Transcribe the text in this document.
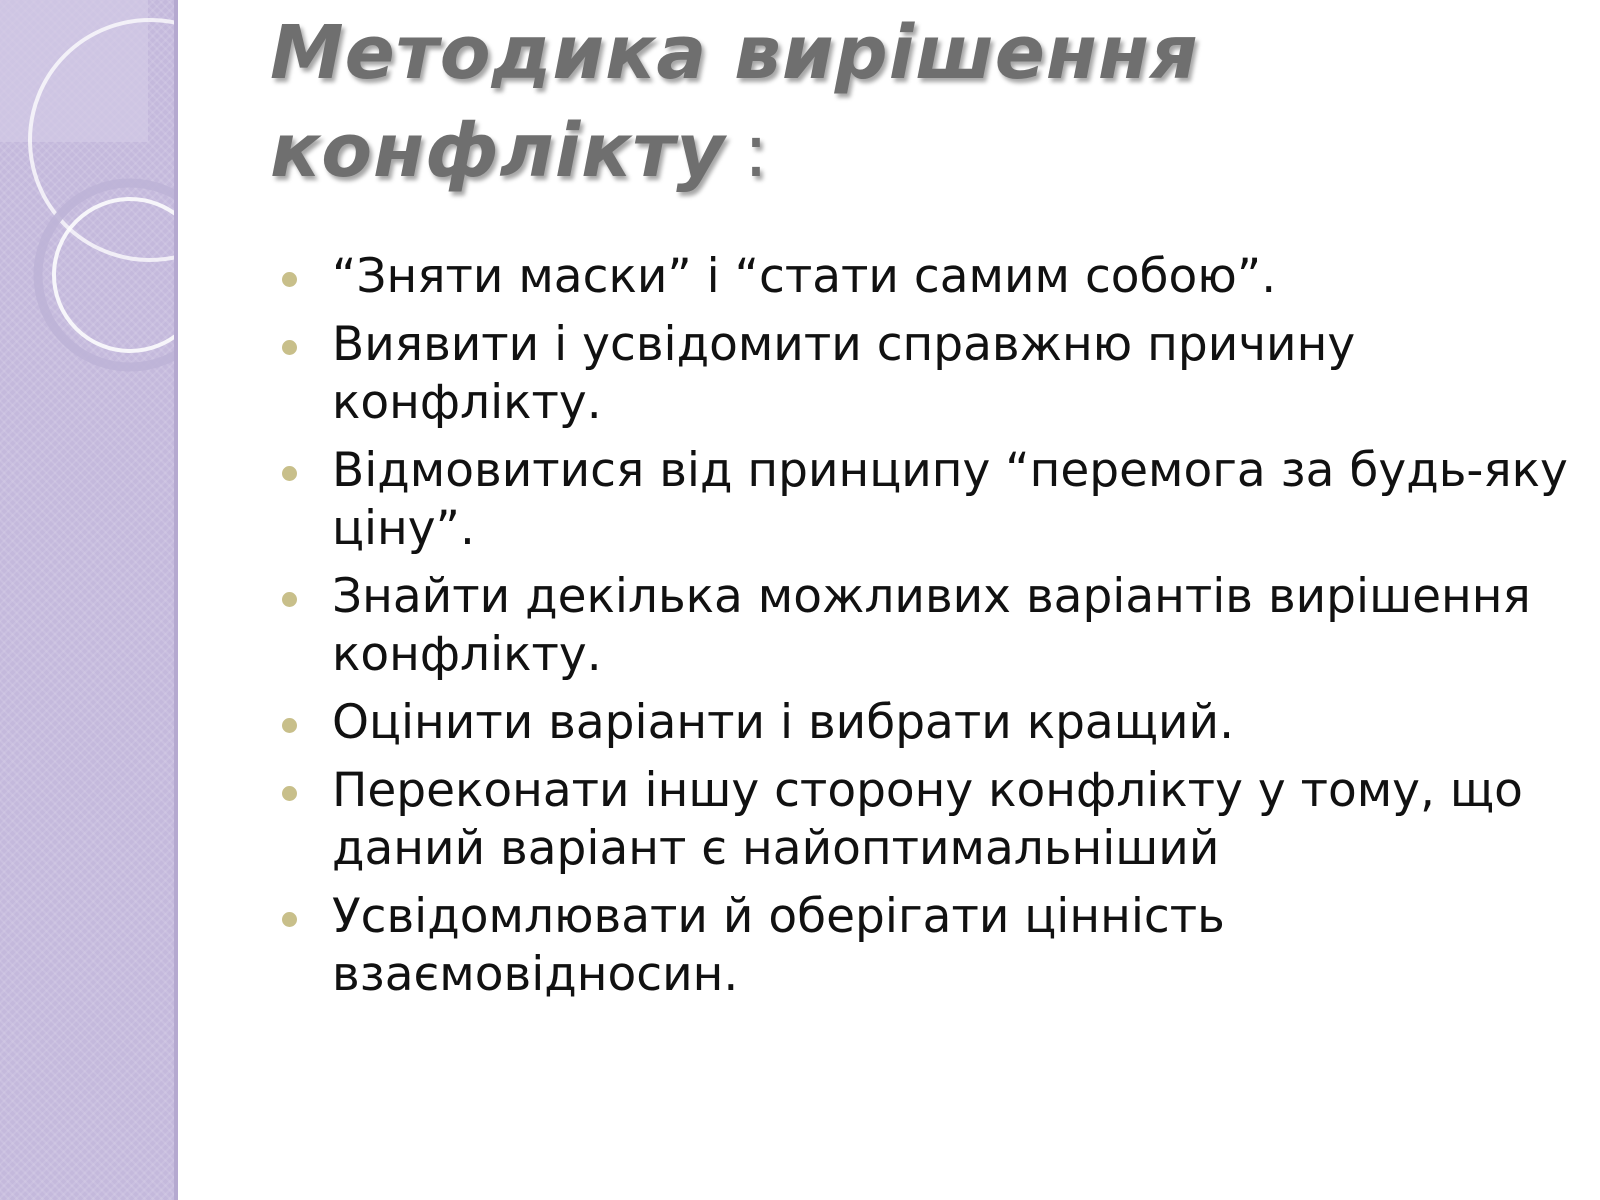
Методика вирішення
конфлікту :
“Зняти маски” і “стати самим собою”.
Виявити і усвідомити справжню причину конфлікту.
Відмовитися від принципу “перемога за будь-яку ціну”.
Знайти декілька можливих варіантів вирішення конфлікту.
Оцінити варіанти і вибрати кращий.
Переконати іншу сторону конфлікту у тому, що даний варіант є найоптимальніший
Усвідомлювати й оберігати цінність взаємовідносин.
